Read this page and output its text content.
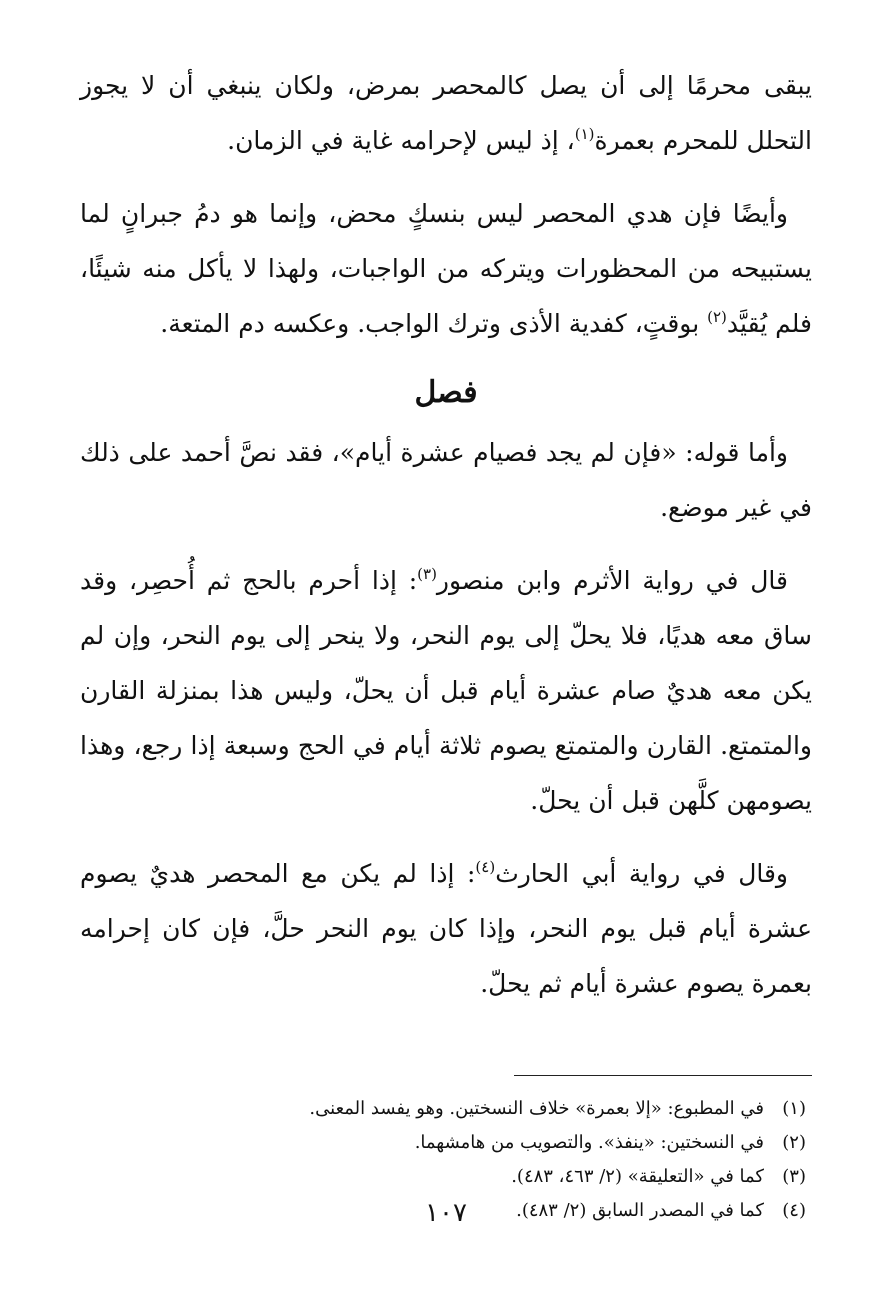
يبقى محرمًا إلى أن يصل كالمحصر بمرض، ولكان ينبغي أن لا يجوز التحلل للمحرم بعمرة$^{(١)}$، إذ ليس لإحرامه غاية في الزمان.

وأيضًا فإن هدي المحصر ليس بنسكٍ محض، وإنما هو دمُ جبرانٍ لما يستبيحه من المحظورات ويتركه من الواجبات، ولهذا لا يأكل منه شيئًا، فلم يُقيَّد$^{(٢)}$ بوقتٍ، كفدية الأذى وترك الواجب. وعكسه دم المتعة.

فصل

وأما قوله: «فإن لم يجد فصيام عشرة أيام»، فقد نصَّ أحمد على ذلك في غير موضع.

قال في رواية الأثرم وابن منصور$^{(٣)}$: إذا أحرم بالحج ثم أُحصِر، وقد ساق معه هديًا، فلا يحلّ إلى يوم النحر، ولا ينحر إلى يوم النحر، وإن لم يكن معه هديٌ صام عشرة أيام قبل أن يحلّ، وليس هذا بمنزلة القارن والمتمتع. القارن والمتمتع يصوم ثلاثة أيام في الحج وسبعة إذا رجع، وهذا يصومهن كلَّهن قبل أن يحلّ.

وقال في رواية أبي الحارث$^{(٤)}$: إذا لم يكن مع المحصر هديٌ يصوم عشرة أيام قبل يوم النحر، وإذا كان يوم النحر حلَّ، فإن كان إحرامه بعمرة يصوم عشرة أيام ثم يحلّ.

(١)
في المطبوع: «إلا بعمرة» خلاف النسختين. وهو يفسد المعنى.
(٢)
في النسختين: «ينفذ». والتصويب من هامشهما.
(٣)
كما في «التعليقة» (٢/ ٤٦٣، ٤٨٣).
(٤)
كما في المصدر السابق (٢/ ٤٨٣).
١٠٧
